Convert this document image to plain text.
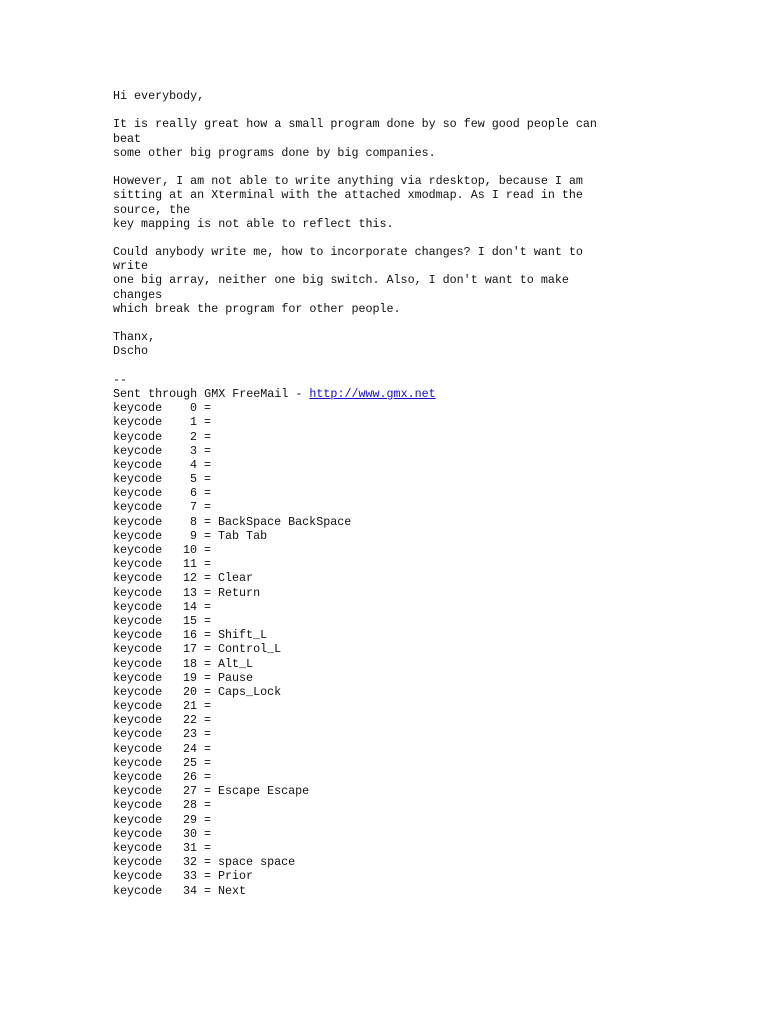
Hi everybody,
It is really great how a small program done by so few good people can
beat
some other big programs done by big companies.
However, I am not able to write anything via rdesktop, because I am
sitting at an Xterminal with the attached xmodmap. As I read in the
source, the
key mapping is not able to reflect this.
Could anybody write me, how to incorporate changes? I don't want to
write
one big array, neither one big switch. Also, I don't want to make
changes
which break the program for other people.
Thanx,
Dscho
--
Sent through GMX FreeMail - http://www.gmx.net
keycode 0 =
keycode 1 =
keycode 2 =
keycode 3 =
keycode 4 =
keycode 5 =
keycode 6 =
keycode 7 =
keycode 8 = BackSpace BackSpace
keycode 9 = Tab Tab
keycode 10 =
keycode 11 =
keycode 12 = Clear
keycode 13 = Return
keycode 14 =
keycode 15 =
keycode 16 = Shift_L
keycode 17 = Control_L
keycode 18 = Alt_L
keycode 19 = Pause
keycode 20 = Caps_Lock
keycode 21 =
keycode 22 =
keycode 23 =
keycode 24 =
keycode 25 =
keycode 26 =
keycode 27 = Escape Escape
keycode 28 =
keycode 29 =
keycode 30 =
keycode 31 =
keycode 32 = space space
keycode 33 = Prior
keycode 34 = Next
